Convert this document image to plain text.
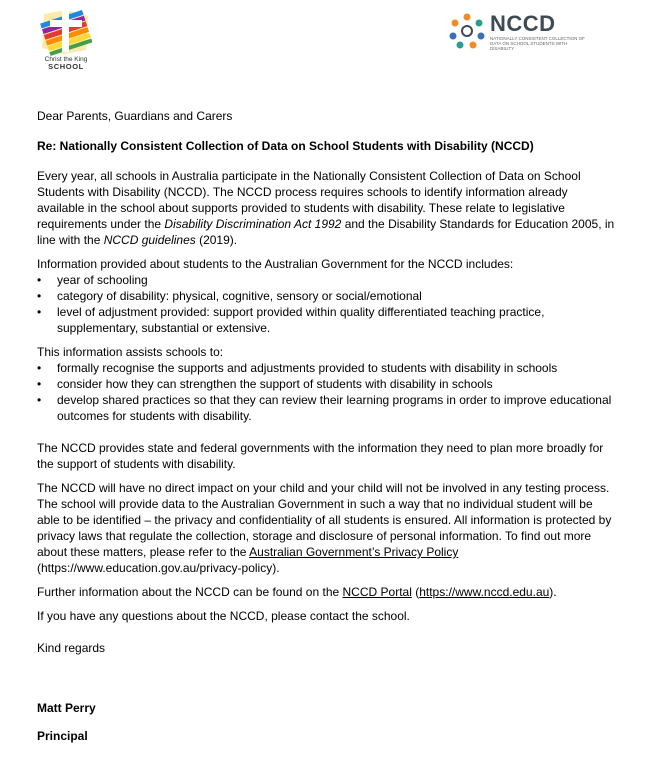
Christ the King
SCHOOL
NCCD
NATIONALLY CONSISTENT COLLECTION OF DATA ON SCHOOL STUDENTS WITH DISABILITY

Dear Parents, Guardians and Carers

Re: Nationally Consistent Collection of Data on School Students with Disability (NCCD)

Every year, all schools in Australia participate in the Nationally Consistent Collection of Data on School Students with Disability (NCCD). The NCCD process requires schools to identify information already available in the school about supports provided to students with disability. These relate to legislative requirements under the Disability Discrimination Act 1992 and the Disability Standards for Education 2005, in line with the NCCD guidelines (2019).

Information provided about students to the Australian Government for the NCCD includes:

• year of schooling
• category of disability: physical, cognitive, sensory or social/emotional
• level of adjustment provided: support provided within quality differentiated teaching practice, supplementary, substantial or extensive.

This information assists schools to:

• formally recognise the supports and adjustments provided to students with disability in schools
• consider how they can strengthen the support of students with disability in schools
• develop shared practices so that they can review their learning programs in order to improve educational outcomes for students with disability.

The NCCD provides state and federal governments with the information they need to plan more broadly for the support of students with disability.

The NCCD will have no direct impact on your child and your child will not be involved in any testing process. The school will provide data to the Australian Government in such a way that no individual student will be able to be identified – the privacy and confidentiality of all students is ensured. All information is protected by privacy laws that regulate the collection, storage and disclosure of personal information. To find out more about these matters, please refer to the Australian Government’s Privacy Policy
(https://www.education.gov.au/privacy-policy).

Further information about the NCCD can be found on the NCCD Portal (https://www.nccd.edu.au).

If you have any questions about the NCCD, please contact the school.

Kind regards

Matt Perry

Principal
